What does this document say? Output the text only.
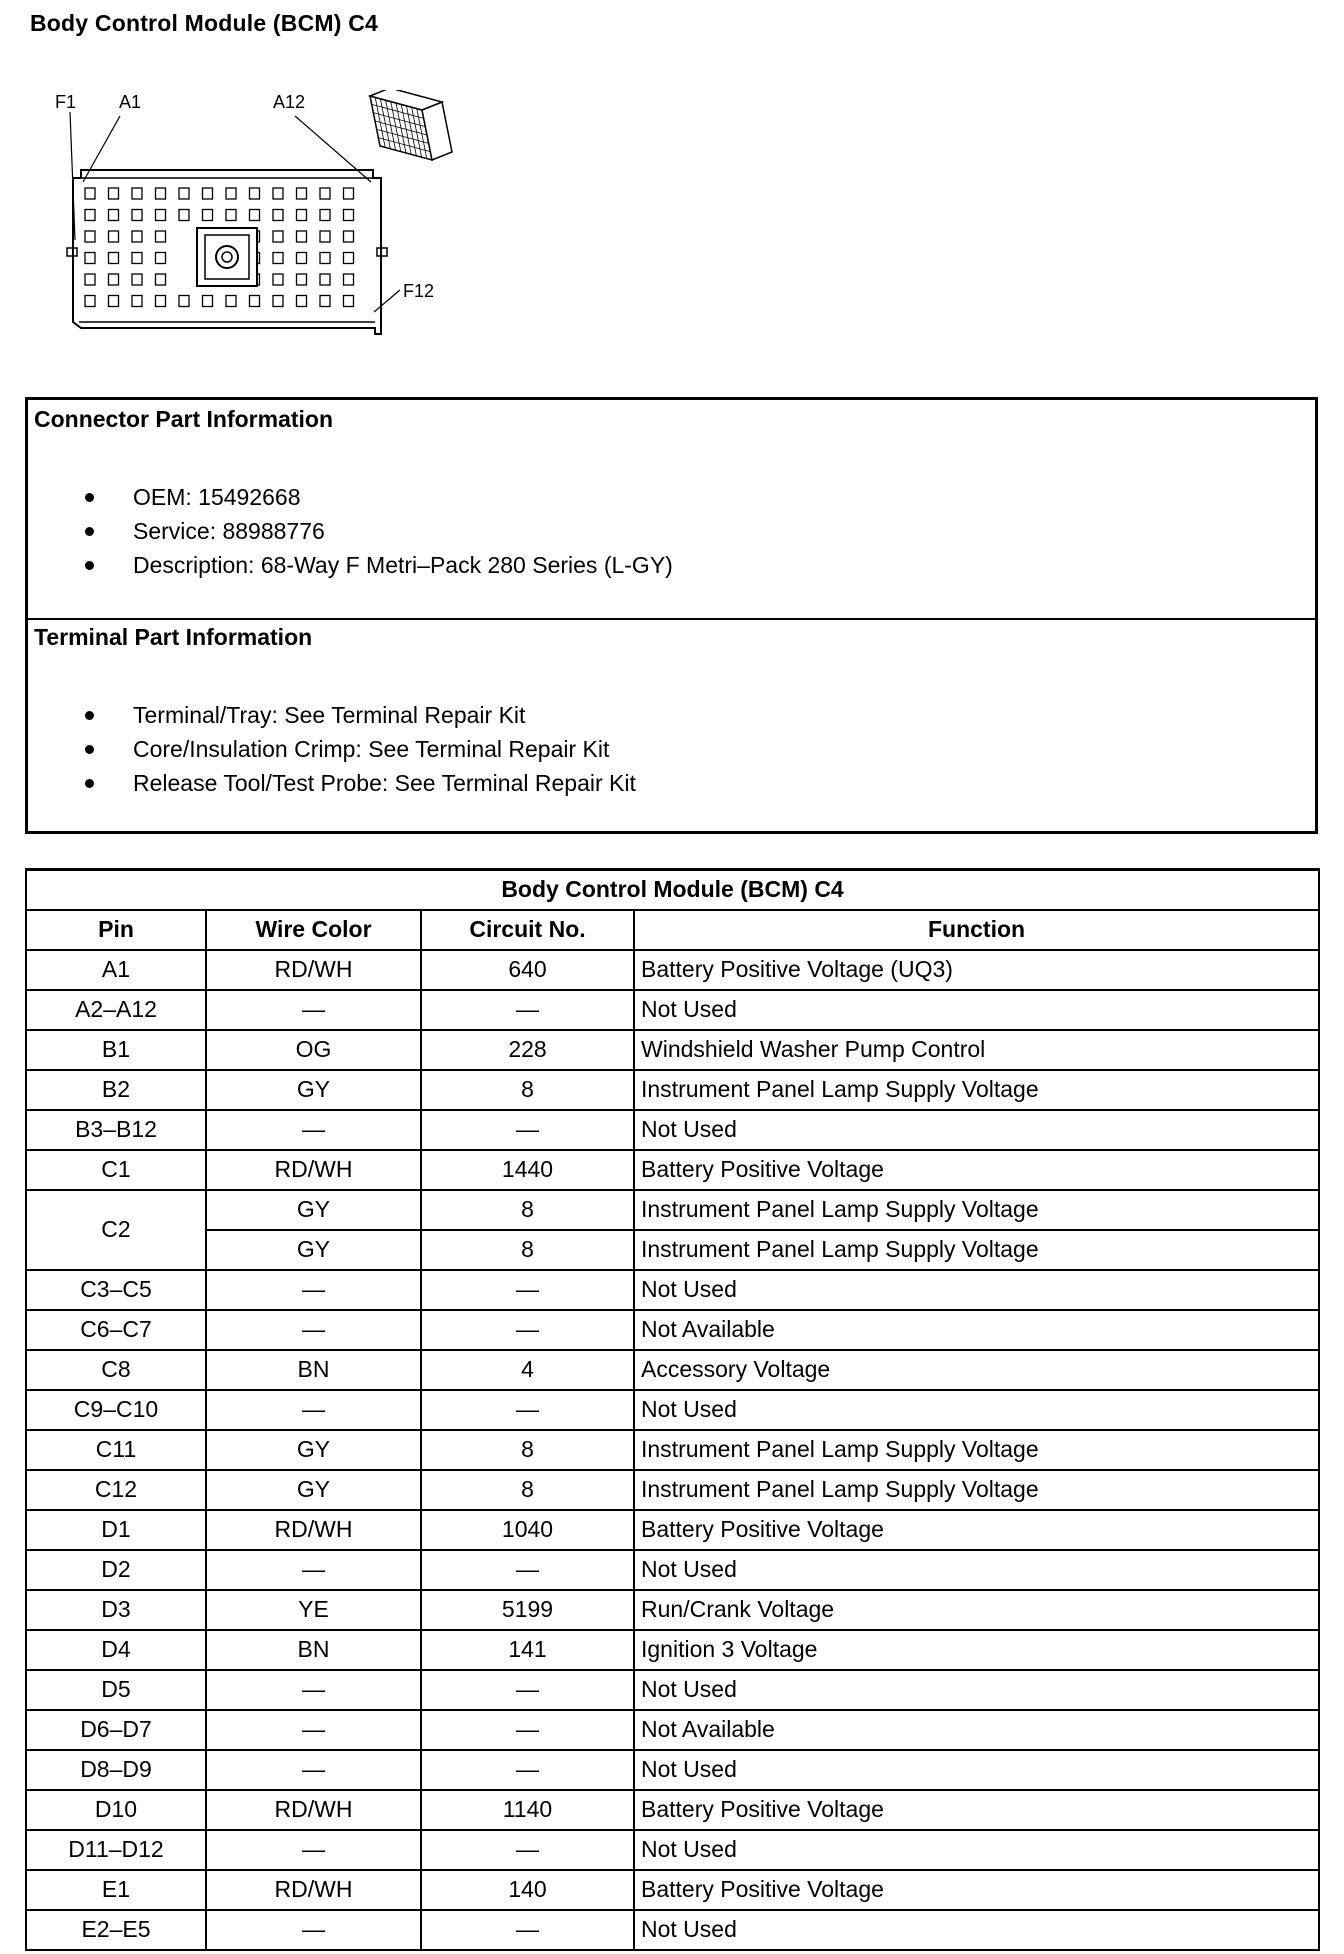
Body Control Module (BCM) C4
F1 A1	A12
F12
Connector Part Information
OEM: 15492668
Service: 88988776
Description: 68-Way F Metri–Pack 280 Series (L-GY)
Terminal Part Information
Terminal/Tray: See Terminal Repair Kit
Core/Insulation Crimp: See Terminal Repair Kit
Release Tool/Test Probe: See Terminal Repair Kit
Body Control Module (BCM) C4			
Pin	Wire Color	Circuit No.	Function
A1	RD/WH	640	Battery Positive Voltage (UQ3)
A2–A12	—	—	Not Used
B1	OG	228	Windshield Washer Pump Control
B2	GY	8	Instrument Panel Lamp Supply Voltage
B3–B12	—	—	Not Used
C1	RD/WH	1440	Battery Positive Voltage
C2	GY	8	Instrument Panel Lamp Supply Voltage
	GY	8	Instrument Panel Lamp Supply Voltage
C3–C5	—	—	Not Used
C6–C7	—	—	Not Available
C8	BN	4	Accessory Voltage
C9–C10	—	—	Not Used
C11	GY	8	Instrument Panel Lamp Supply Voltage
C12	GY	8	Instrument Panel Lamp Supply Voltage
D1	RD/WH	1040	Battery Positive Voltage
D2	—	—	Not Used
D3	YE	5199	Run/Crank Voltage
D4	BN	141	Ignition 3 Voltage
D5	—	—	Not Used
D6–D7	—	—	Not Available
D8–D9	—	—	Not Used
D10	RD/WH	1140	Battery Positive Voltage
D11–D12	—	—	Not Used
E1	RD/WH	140	Battery Positive Voltage
E2–E5	—	—	Not Used
